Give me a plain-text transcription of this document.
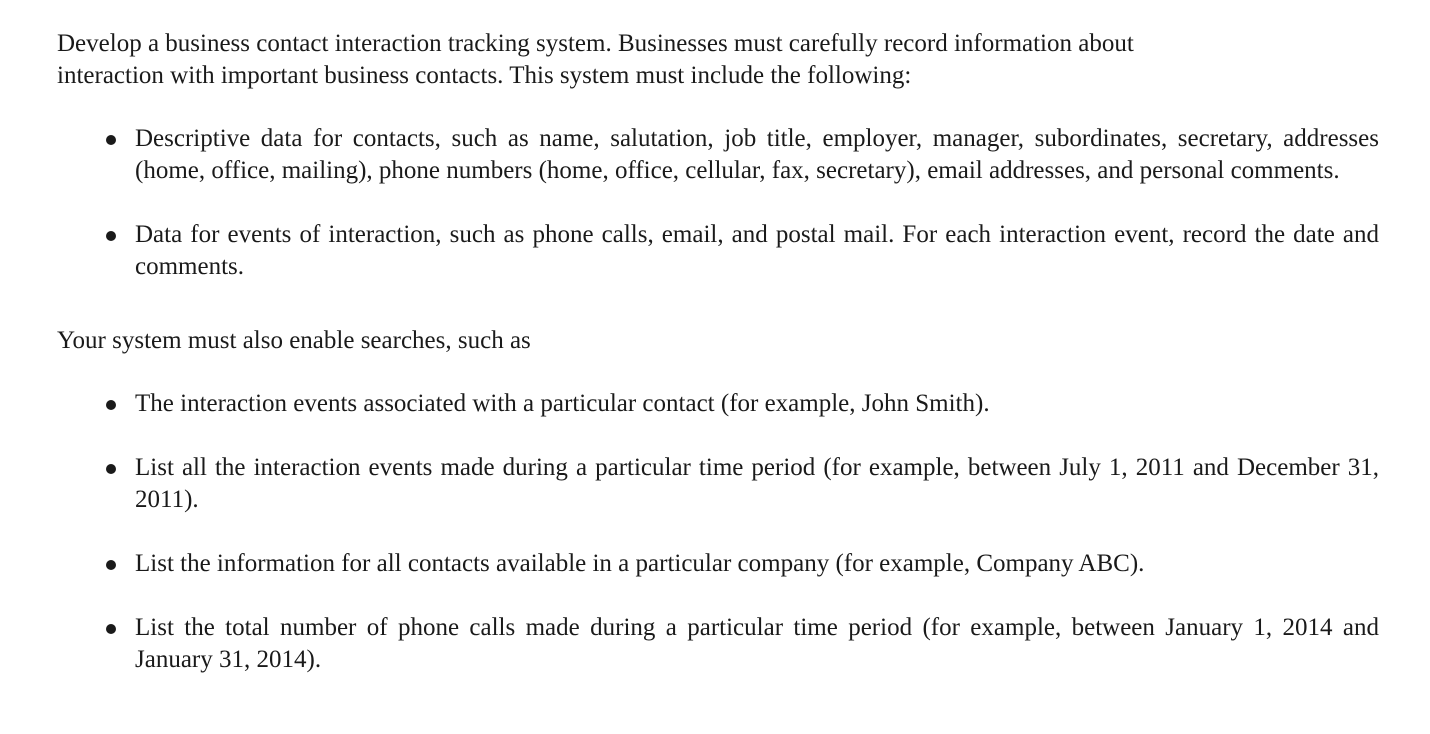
Develop a business contact interaction tracking system. Businesses must carefully record information about
interaction with important business contacts. This system must include the following:

Descriptive data for contacts, such as name, salutation, job title, employer, manager, subordinates, secretary, addresses (home, office, mailing), phone numbers (home, office, cellular, fax, secretary), email addresses, and personal comments.
Data for events of interaction, such as phone calls, email, and postal mail. For each interaction event, record the date and comments.

Your system must also enable searches, such as

The interaction events associated with a particular contact (for example, John Smith).
List all the interaction events made during a particular time period (for example, between July 1, 2011 and December 31, 2011).
List the information for all contacts available in a particular company (for example, Company ABC).
List the total number of phone calls made during a particular time period (for example, between January 1, 2014 and January 31, 2014).
